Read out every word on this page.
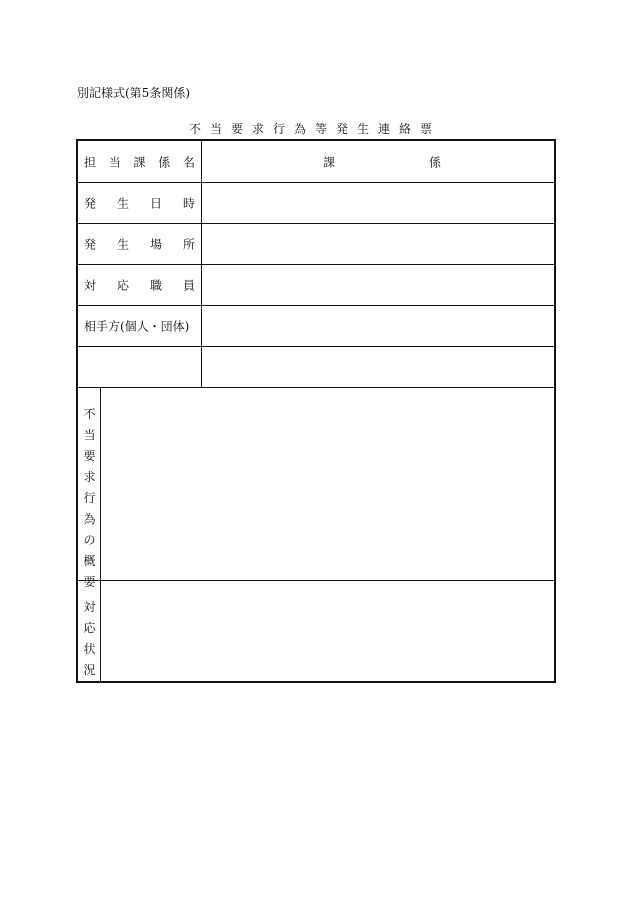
別記様式(第5条関係)
不当要求行為等発生連絡票
担 当 課 係 名	課	係
発 生 日 時
発 生 場 所
対 応 職 員
相手方(個人・団体)
不
当
要
求
行
為
の
概
要
対
応
状
況
